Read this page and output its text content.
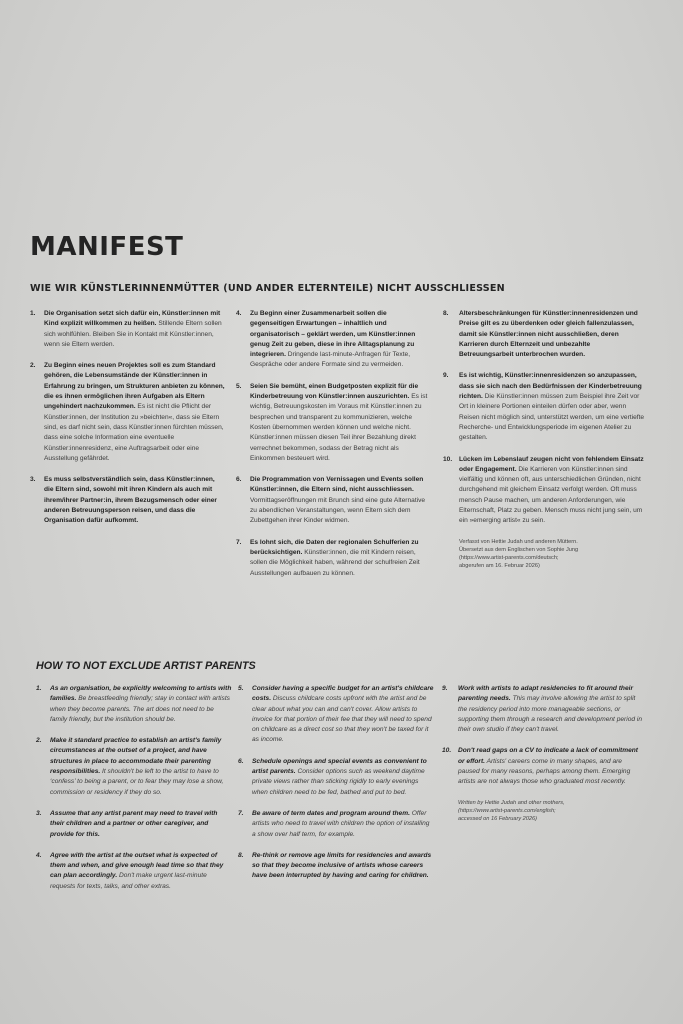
MANIFEST
WIE WIR KÜNSTLERINNENMÜTTER (UND ANDER ELTERNTEILE) NICHT AUSSCHLIESSEN
1.	Die Organisation setzt sich dafür ein, Künstler:innen mit Kind explizit willkommen zu heißen. Stillende Eltern sollen sich wohlfühlen. Bleiben Sie in Kontakt mit Künstler:innen, wenn sie Eltern werden.
2.	Zu Beginn eines neuen Projektes soll es zum Standard gehören, die Lebensumstände der Künstler:innen in Erfahrung zu bringen, um Strukturen anbieten zu können, die es ihnen ermöglichen ihren Aufgaben als Eltern ungehindert nachzukommen. Es ist nicht die Pflicht der Künstler:innen, der Institution zu »beichten«, dass sie Eltern sind, es darf nicht sein, dass Künstler:innen fürchten müssen, dass eine solche Information eine eventuelle Künstler:innenresidenz, eine Auftragsarbeit oder eine Ausstellung gefährdet.
3.	Es muss selbstverständlich sein, dass Künstler:innen, die Eltern sind, sowohl mit ihren Kindern als auch mit ihrem/ihrer Partner:in, ihrem Bezugsmensch oder einer anderen Betreuungsperson reisen, und dass die Organisation dafür aufkommt.
4.	Zu Beginn einer Zusammenarbeit sollen die gegenseitigen Erwartungen – inhaltlich und organisatorisch – geklärt werden, um Künstler:innen genug Zeit zu geben, diese in ihre Alltagsplanung zu integrieren. Dringende last-minute-Anfragen für Texte, Gespräche oder andere Formate sind zu vermeiden.
5.	Seien Sie bemüht, einen Budgetposten explizit für die Kinderbetreuung von Künstler:innen auszurichten. Es ist wichtig, Betreuungskosten im Voraus mit Künstler:innen zu besprechen und transparent zu kommunizieren, welche Kosten übernommen werden können und welche nicht. Künstler:innen müssen diesen Teil ihrer Bezahlung direkt verrechnet bekommen, sodass der Betrag nicht als Einkommen besteuert wird.
6.	Die Programmation von Vernissagen und Events sollen Künstler:innen, die Eltern sind, nicht ausschliessen. Vormittagseröffnungen mit Brunch sind eine gute Alternative zu abendlichen Veranstaltungen, wenn Eltern sich dem Zubettgehen ihrer Kinder widmen.
7.	Es lohnt sich, die Daten der regionalen Schulferien zu berücksichtigen. Künstler:innen, die mit Kindern reisen, sollen die Möglichkeit haben, während der schulfreien Zeit Ausstellungen aufbauen zu können.
8.	Altersbeschränkungen für Künstler:innenresidenzen und Preise gilt es zu überdenken oder gleich fallenzulassen, damit sie Künstler:innen nicht ausschließen, deren Karrieren durch Elternzeit und unbezahlte Betreuungsarbeit unterbrochen wurden.
9.	Es ist wichtig, Künstler:innenresidenzen so anzupassen, dass sie sich nach den Bedürfnissen der Kinderbetreuung richten. Die Künstler:innen müssen zum Beispiel ihre Zeit vor Ort in kleinere Portionen einteilen dürfen oder aber, wenn Reisen nicht möglich sind, unterstützt werden, um eine vertiefte Recherche- und Entwicklungsperiode im eigenen Atelier zu gestalten.
10.	Lücken im Lebenslauf zeugen nicht von fehlendem Einsatz oder Engagement. Die Karrieren von Künstler:innen sind vielfältig und können oft, aus unterschiedlichen Gründen, nicht durchgehend mit gleichem Einsatz verfolgt werden. Oft muss mensch Pause machen, um anderen Anforderungen, wie Elternschaft, Platz zu geben. Mensch muss nicht jung sein, um ein »emerging artist« zu sein.
Verfasst von Hettie Judah und anderen Müttern.
Übersetzt aus dem Englischen von Sophie Jung
(https://www.artist-parents.com/deutsch;
abgerufen am 16. Februar 2026)
HOW TO NOT EXCLUDE ARTIST PARENTS
1.	As an organisation, be explicitly welcoming to artists with families. Be breastfeeding friendly; stay in contact with artists when they become parents. The art does not need to be family friendly, but the institution should be.
2.	Make it standard practice to establish an artist's family circumstances at the outset of a project, and have structures in place to accommodate their parenting responsibilities. It shouldn't be left to the artist to have to ‘confess’ to being a parent, or to fear they may lose a show, commission or residency if they do so.
3.	Assume that any artist parent may need to travel with their children and a partner or other caregiver, and provide for this.
4.	Agree with the artist at the outset what is expected of them and when, and give enough lead time so that they can plan accordingly. Don't make urgent last-minute requests for texts, talks, and other extras.
5.	Consider having a specific budget for an artist's childcare costs. Discuss childcare costs upfront with the artist and be clear about what you can and can't cover. Allow artists to invoice for that portion of their fee that they will need to spend on childcare as a direct cost so that they won't be taxed for it as income.
6.	Schedule openings and special events as convenient to artist parents. Consider options such as weekend daytime private views rather than sticking rigidly to early evenings when children need to be fed, bathed and put to bed.
7.	Be aware of term dates and program around them. Offer artists who need to travel with children the option of installing a show over half term, for example.
8.	Re-think or remove age limits for residencies and awards so that they become inclusive of artists whose careers have been interrupted by having and caring for children.
9.	Work with artists to adapt residencies to fit around their parenting needs. This may involve allowing the artist to split the residency period into more manageable sections, or supporting them through a research and development period in their own studio if they can't travel.
10.	Don't read gaps on a CV to indicate a lack of commitment or effort. Artists' careers come in many shapes, and are paused for many reasons, perhaps among them. Emerging artists are not always those who graduated most recently.
Written by Hettie Judah and other mothers,
(https://www.artist-parents.com/english;
accessed on 16 February 2026)
